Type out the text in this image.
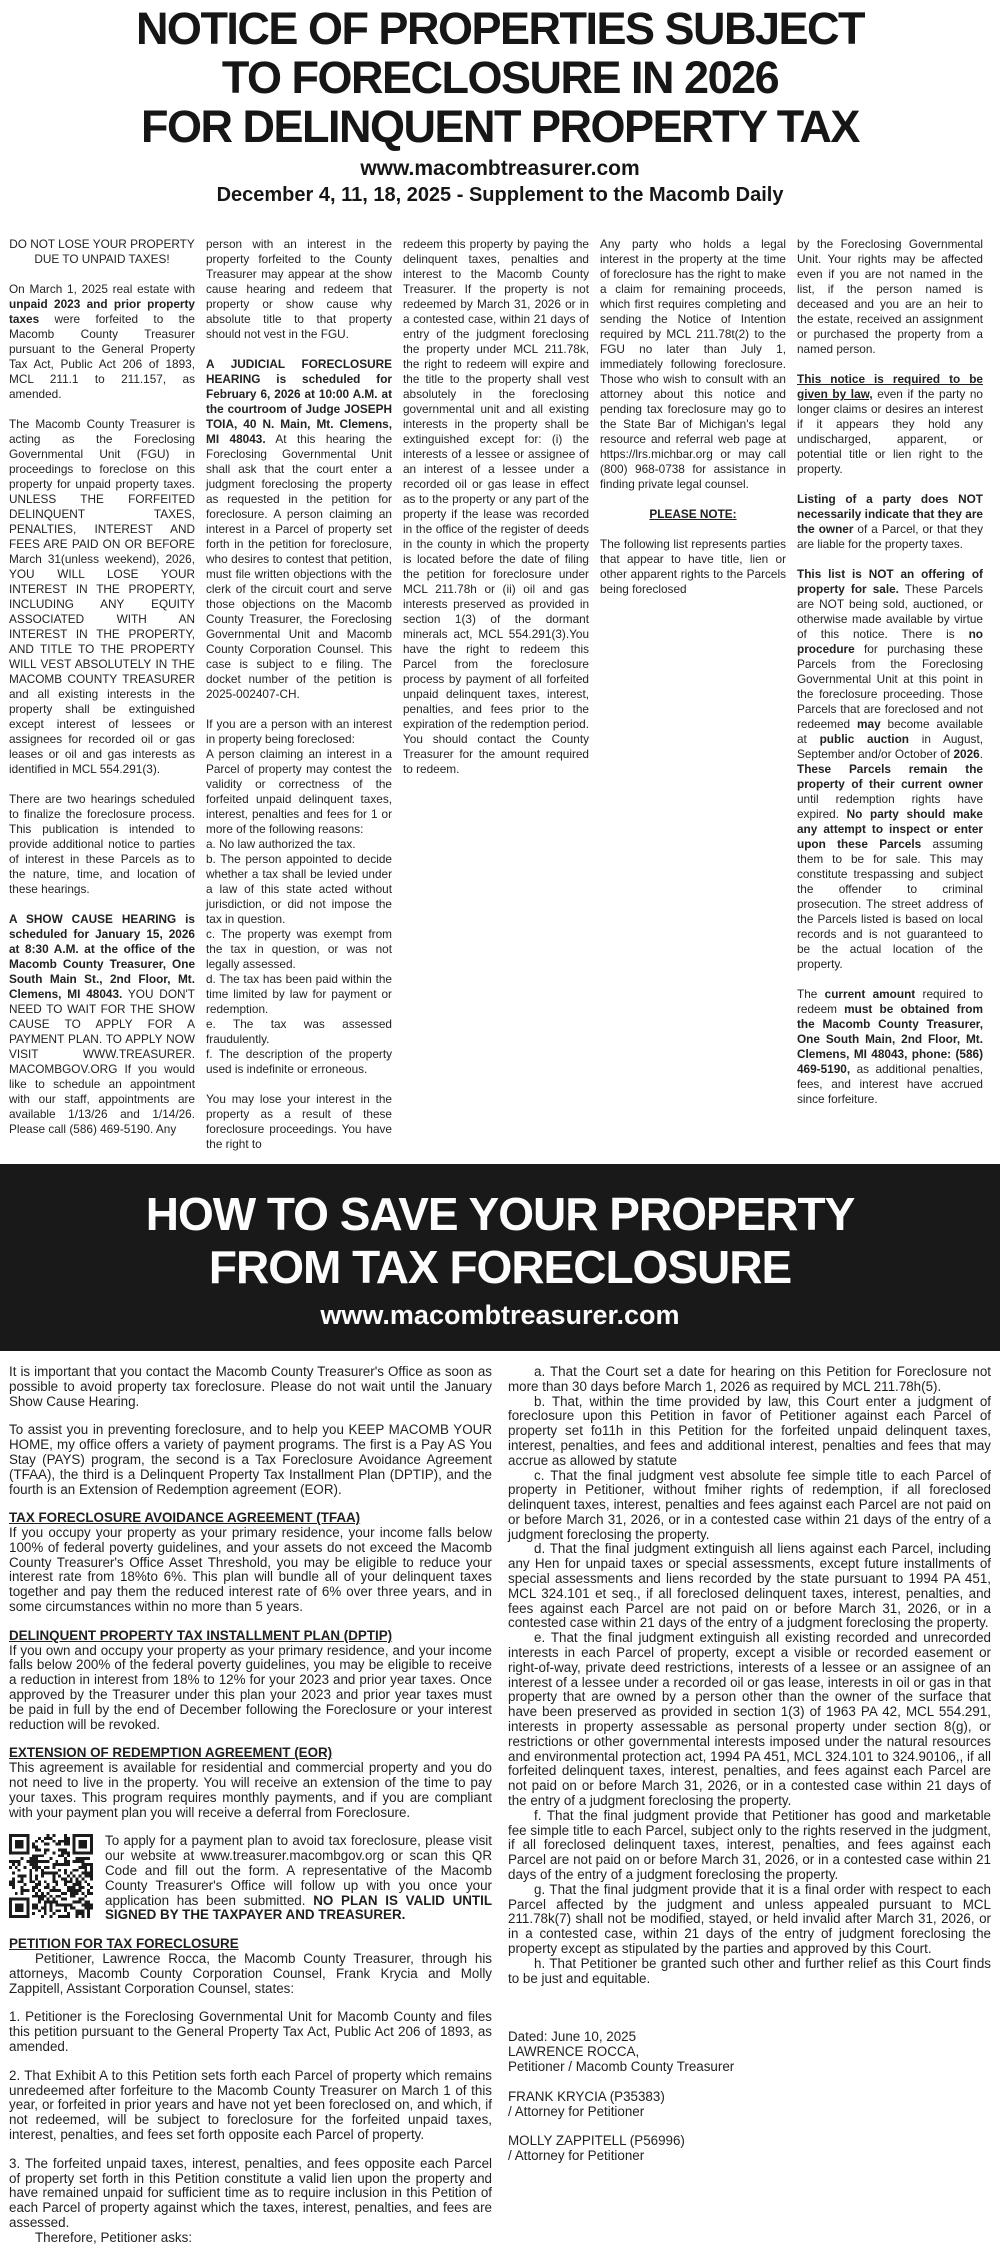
NOTICE OF PROPERTIES SUBJECT
TO FORECLOSURE IN 2026
FOR DELINQUENT PROPERTY TAX
www.macombtreasurer.com
December 4, 11, 18, 2025 - Supplement to the Macomb Daily
DO NOT LOSE YOUR PROPERTY DUE TO UNPAID TAXES!
On March 1, 2025 real estate with unpaid 2023 and prior property taxes were forfeited to the Macomb County Treasurer pursuant to the General Property Tax Act, Public Act 206 of 1893, MCL 211.1 to 211.157, as amended.
The Macomb County Treasurer is acting as the Foreclosing Governmental Unit (FGU) in proceedings to foreclose on this property for unpaid property taxes. UNLESS THE FORFEITED DELINQUENT TAXES, PENALTIES, INTEREST AND FEES ARE PAID ON OR BEFORE March 31(unless weekend), 2026, YOU WILL LOSE YOUR INTEREST IN THE PROPERTY, INCLUDING ANY EQUITY ASSOCIATED WITH AN INTEREST IN THE PROPERTY, AND TITLE TO THE PROPERTY WILL VEST ABSOLUTELY IN THE MACOMB COUNTY TREASURER and all existing interests in the property shall be extinguished except interest of lessees or assignees for recorded oil or gas leases or oil and gas interests as identified in MCL 554.291(3).
There are two hearings scheduled to finalize the foreclosure process. This publication is intended to provide additional notice to parties of interest in these Parcels as to the nature, time, and location of these hearings.
A SHOW CAUSE HEARING is scheduled for January 15, 2026 at 8:30 A.M. at the office of the Macomb County Treasurer, One South Main St., 2nd Floor, Mt. Clemens, MI 48043. YOU DON'T NEED TO WAIT FOR THE SHOW CAUSE TO APPLY FOR A PAYMENT PLAN. TO APPLY NOW VISIT WWW.TREASURER. MACOMBGOV.ORG If you would like to schedule an appointment with our staff, appointments are available 1/13/26 and 1/14/26. Please call (586) 469-5190. Any
person with an interest in the property forfeited to the County Treasurer may appear at the show cause hearing and redeem that property or show cause why absolute title to that property should not vest in the FGU.
A JUDICIAL FORECLOSURE HEARING is scheduled for February 6, 2026 at 10:00 A.M. at the courtroom of Judge JOSEPH TOIA, 40 N. Main, Mt. Clemens, MI 48043. At this hearing the Foreclosing Governmental Unit shall ask that the court enter a judgment foreclosing the property as requested in the petition for foreclosure. A person claiming an interest in a Parcel of property set forth in the petition for foreclosure, who desires to contest that petition, must file written objections with the clerk of the circuit court and serve those objections on the Macomb County Treasurer, the Foreclosing Governmental Unit and Macomb County Corporation Counsel. This case is subject to e filing. The docket number of the petition is 2025-002407-CH.
If you are a person with an interest in property being foreclosed:
A person claiming an interest in a Parcel of property may contest the validity or correctness of the forfeited unpaid delinquent taxes, interest, penalties and fees for 1 or more of the following reasons:
a. No law authorized the tax.
b. The person appointed to decide whether a tax shall be levied under a law of this state acted without jurisdiction, or did not impose the tax in question.
c. The property was exempt from the tax in question, or was not legally assessed.
d. The tax has been paid within the time limited by law for payment or redemption.
e. The tax was assessed fraudulently.
f. The description of the property used is indefinite or erroneous.
You may lose your interest in the property as a result of these foreclosure proceedings. You have the right to
redeem this property by paying the delinquent taxes, penalties and interest to the Macomb County Treasurer. If the property is not redeemed by March 31, 2026 or in a contested case, within 21 days of entry of the judgment foreclosing the property under MCL 211.78k, the right to redeem will expire and the title to the property shall vest absolutely in the foreclosing governmental unit and all existing interests in the property shall be extinguished except for: (i) the interests of a lessee or assignee of an interest of a lessee under a recorded oil or gas lease in effect as to the property or any part of the property if the lease was recorded in the office of the register of deeds in the county in which the property is located before the date of filing the petition for foreclosure under MCL 211.78h or (ii) oil and gas interests preserved as provided in section 1(3) of the dormant minerals act, MCL 554.291(3).You have the right to redeem this Parcel from the foreclosure process by payment of all forfeited unpaid delinquent taxes, interest, penalties, and fees prior to the expiration of the redemption period. You should contact the County Treasurer for the amount required to redeem.
Any party who holds a legal interest in the property at the time of foreclosure has the right to make a claim for remaining proceeds, which first requires completing and sending the Notice of Intention required by MCL 211.78t(2) to the FGU no later than July 1, immediately following foreclosure. Those who wish to consult with an attorney about this notice and pending tax foreclosure may go to the State Bar of Michigan's legal resource and referral web page at https://lrs.michbar.org or may call (800) 968-0738 for assistance in finding private legal counsel.
PLEASE NOTE:
The following list represents parties that appear to have title, lien or other apparent rights to the Parcels being foreclosed
by the Foreclosing Governmental Unit. Your rights may be affected even if you are not named in the list, if the person named is deceased and you are an heir to the estate, received an assignment or purchased the property from a named person.
This notice is required to be given by law, even if the party no longer claims or desires an interest if it appears they hold any undischarged, apparent, or potential title or lien right to the property.
Listing of a party does NOT necessarily indicate that they are the owner of a Parcel, or that they are liable for the property taxes.
This list is NOT an offering of property for sale. These Parcels are NOT being sold, auctioned, or otherwise made available by virtue of this notice. There is no procedure for purchasing these Parcels from the Foreclosing Governmental Unit at this point in the foreclosure proceeding. Those Parcels that are foreclosed and not redeemed may become available at public auction in August, September and/or October of 2026. These Parcels remain the property of their current owner until redemption rights have expired. No party should make any attempt to inspect or enter upon these Parcels assuming them to be for sale. This may constitute trespassing and subject the offender to criminal prosecution. The street address of the Parcels listed is based on local records and is not guaranteed to be the actual location of the property.
The current amount required to redeem must be obtained from the Macomb County Treasurer, One South Main, 2nd Floor, Mt. Clemens, MI 48043, phone: (586) 469-5190, as additional penalties, fees, and interest have accrued since forfeiture.
HOW TO SAVE YOUR PROPERTY
FROM TAX FORECLOSURE
www.macombtreasurer.com
It is important that you contact the Macomb County Treasurer's Office as soon as possible to avoid property tax foreclosure. Please do not wait until the January Show Cause Hearing.
To assist you in preventing foreclosure, and to help you KEEP MACOMB YOUR HOME, my office offers a variety of payment programs. The first is a Pay AS You Stay (PAYS) program, the second is a Tax Foreclosure Avoidance Agreement (TFAA), the third is a Delinquent Property Tax Installment Plan (DPTIP), and the fourth is an Extension of Redemption agreement (EOR).
TAX FORECLOSURE AVOIDANCE AGREEMENT (TFAA)
If you occupy your property as your primary residence, your income falls below 100% of federal poverty guidelines, and your assets do not exceed the Macomb County Treasurer's Office Asset Threshold, you may be eligible to reduce your interest rate from 18%to 6%. This plan will bundle all of your delinquent taxes together and pay them the reduced interest rate of 6% over three years, and in some circumstances within no more than 5 years.
DELINQUENT PROPERTY TAX INSTALLMENT PLAN (DPTIP)
If you own and occupy your property as your primary residence, and your income falls below 200% of the federal poverty guidelines, you may be eligible to receive a reduction in interest from 18% to 12% for your 2023 and prior year taxes. Once approved by the Treasurer under this plan your 2023 and prior year taxes must be paid in full by the end of December following the Foreclosure or your interest reduction will be revoked.
EXTENSION OF REDEMPTION AGREEMENT (EOR)
This agreement is available for residential and commercial property and you do not need to live in the property. You will receive an extension of the time to pay your taxes. This program requires monthly payments, and if you are compliant with your payment plan you will receive a deferral from Foreclosure.
To apply for a payment plan to avoid tax foreclosure, please visit our website at www.treasurer.macombgov.org or scan this QR Code and fill out the form. A representative of the Macomb County Treasurer's Office will follow up with you once your application has been submitted. NO PLAN IS VALID UNTIL SIGNED BY THE TAXPAYER AND TREASURER.
PETITION FOR TAX FORECLOSURE
Petitioner, Lawrence Rocca, the Macomb County Treasurer, through his attorneys, Macomb County Corporation Counsel, Frank Krycia and Molly Zappitell, Assistant Corporation Counsel, states:
1. Petitioner is the Foreclosing Governmental Unit for Macomb County and files this petition pursuant to the General Property Tax Act, Public Act 206 of 1893, as amended.
2. That Exhibit A to this Petition sets forth each Parcel of property which remains unredeemed after forfeiture to the Macomb County Treasurer on March 1 of this year, or forfeited in prior years and have not yet been foreclosed on, and which, if not redeemed, will be subject to foreclosure for the forfeited unpaid taxes, interest, penalties, and fees set forth opposite each Parcel of property.
3. The forfeited unpaid taxes, interest, penalties, and fees opposite each Parcel of property set forth in this Petition constitute a valid lien upon the property and have remained unpaid for sufficient time as to require inclusion in this Petition of each Parcel of property against which the taxes, interest, penalties, and fees are assessed.
Therefore, Petitioner asks:
a. That the Court set a date for hearing on this Petition for Foreclosure not more than 30 days before March 1, 2026 as required by MCL 211.78h(5).
b. That, within the time provided by law, this Court enter a judgment of foreclosure upon this Petition in favor of Petitioner against each Parcel of property set fo11h in this Petition for the forfeited unpaid delinquent taxes, interest, penalties, and fees and additional interest, penalties and fees that may accrue as allowed by statute
c. That the final judgment vest absolute fee simple title to each Parcel of property in Petitioner, without fmiher rights of redemption, if all foreclosed delinquent taxes, interest, penalties and fees against each Parcel are not paid on or before March 31, 2026, or in a contested case within 21 days of the entry of a judgment foreclosing the property.
d. That the final judgment extinguish all liens against each Parcel, including any Hen for unpaid taxes or special assessments, except future installments of special assessments and liens recorded by the state pursuant to 1994 PA 451, MCL 324.101 et seq., if all foreclosed delinquent taxes, interest, penalties, and fees against each Parcel are not paid on or before March 31, 2026, or in a contested case within 21 days of the entry of a judgment foreclosing the property.
e. That the final judgment extinguish all existing recorded and unrecorded interests in each Parcel of property, except a visible or recorded easement or right-of-way, private deed restrictions, interests of a lessee or an assignee of an interest of a lessee under a recorded oil or gas lease, interests in oil or gas in that property that are owned by a person other than the owner of the surface that have been preserved as provided in section 1(3) of 1963 PA 42, MCL 554.291, interests in property assessable as personal property under section 8(g), or restrictions or other governmental interests imposed under the natural resources and environmental protection act, 1994 PA 451, MCL 324.101 to 324.90106,, if all forfeited delinquent taxes, interest, penalties, and fees against each Parcel are not paid on or before March 31, 2026, or in a contested case within 21 days of the entry of a judgment foreclosing the property.
f. That the final judgment provide that Petitioner has good and marketable fee simple title to each Parcel, subject only to the rights reserved in the judgment, if all foreclosed delinquent taxes, interest, penalties, and fees against each Parcel are not paid on or before March 31, 2026, or in a contested case within 21 days of the entry of a judgment foreclosing the property.
g. That the final judgment provide that it is a final order with respect to each Parcel affected by the judgment and unless appealed pursuant to MCL 211.78k(7) shall not be modified, stayed, or held invalid after March 31, 2026, or in a contested case, within 21 days of the entry of judgment foreclosing the property except as stipulated by the parties and approved by this Court.
h. That Petitioner be granted such other and further relief as this Court finds to be just and equitable.
Dated: June 10, 2025
LAWRENCE ROCCA,
Petitioner / Macomb County Treasurer
FRANK KRYCIA (P35383)
/ Attorney for Petitioner
MOLLY ZAPPITELL (P56996)
/ Attorney for Petitioner
